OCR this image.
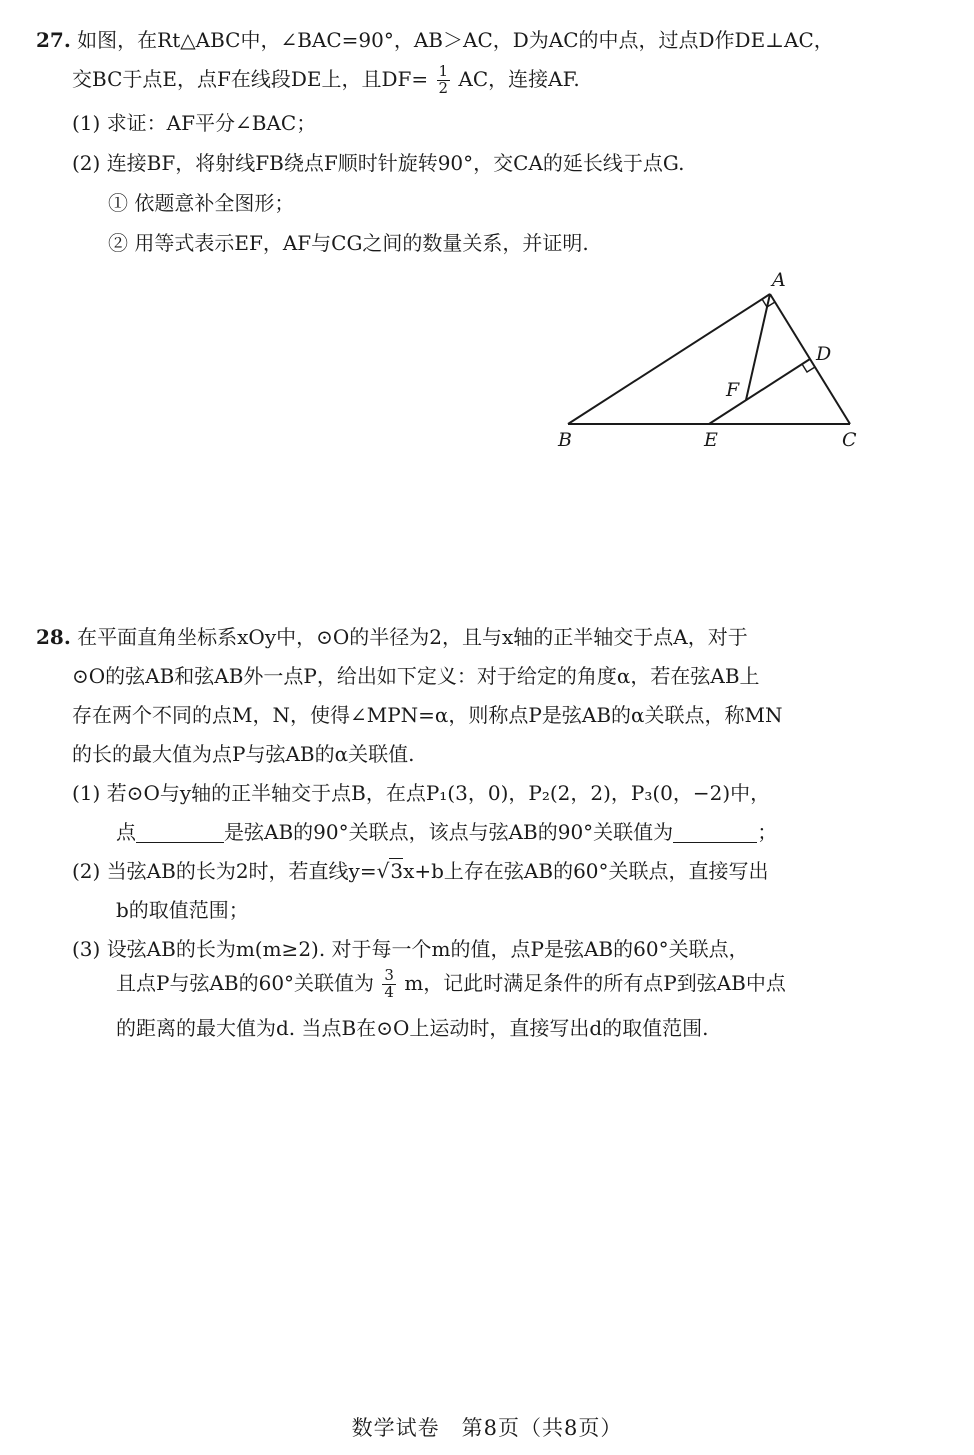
27. 如图，在Rt△ABC中，∠BAC=90°，AB＞AC，D为AC的中点，过点D作DE⊥AC，
交BC于点E，点F在线段DE上，且$DF= \frac{1}{2}$ AC，连接AF.
(1) 求证：AF平分∠BAC；
(2) 连接BF，将射线FB绕点F顺时针旋转90°，交CA的延长线于点G.
① 依题意补全图形；
② 用等式表示EF，AF与CG之间的数量关系，并证明.
A
D
F
B	E	C
28. 在平面直角坐标系xOy中，⊙O的半径为2，且与x轴的正半轴交于点A，对于
⊙O的弦AB和弦AB外一点P，给出如下定义：对于给定的角度α，若在弦AB上
存在两个不同的点M，N，使得∠MPN=α，则称点P是弦AB的α关联点，称MN
的长的最大值为点P与弦AB的α关联值.
(1) 若⊙O与y轴的正半轴交于点B，在点P₁(3，0)，P₂(2，2)，P₃(0，−2)中，
点	是弦AB的90°关联点，该点与弦AB的90°关联值为	；
(2) 当弦AB的长为2时，若直线y=√3x+b上存在弦AB的60°关联点，直接写出
b的取值范围；
(3) 设弦AB的长为m(m≥2). 对于每一个m的值，点P是弦AB的60°关联点，
且点P与弦AB的60°关联值为 $\frac{3}{4}$ m，记此时满足条件的所有点P到弦AB中点
的距离的最大值为d. 当点B在⊙O上运动时，直接写出d的取值范围.
数学试卷　第8页（共8页）
